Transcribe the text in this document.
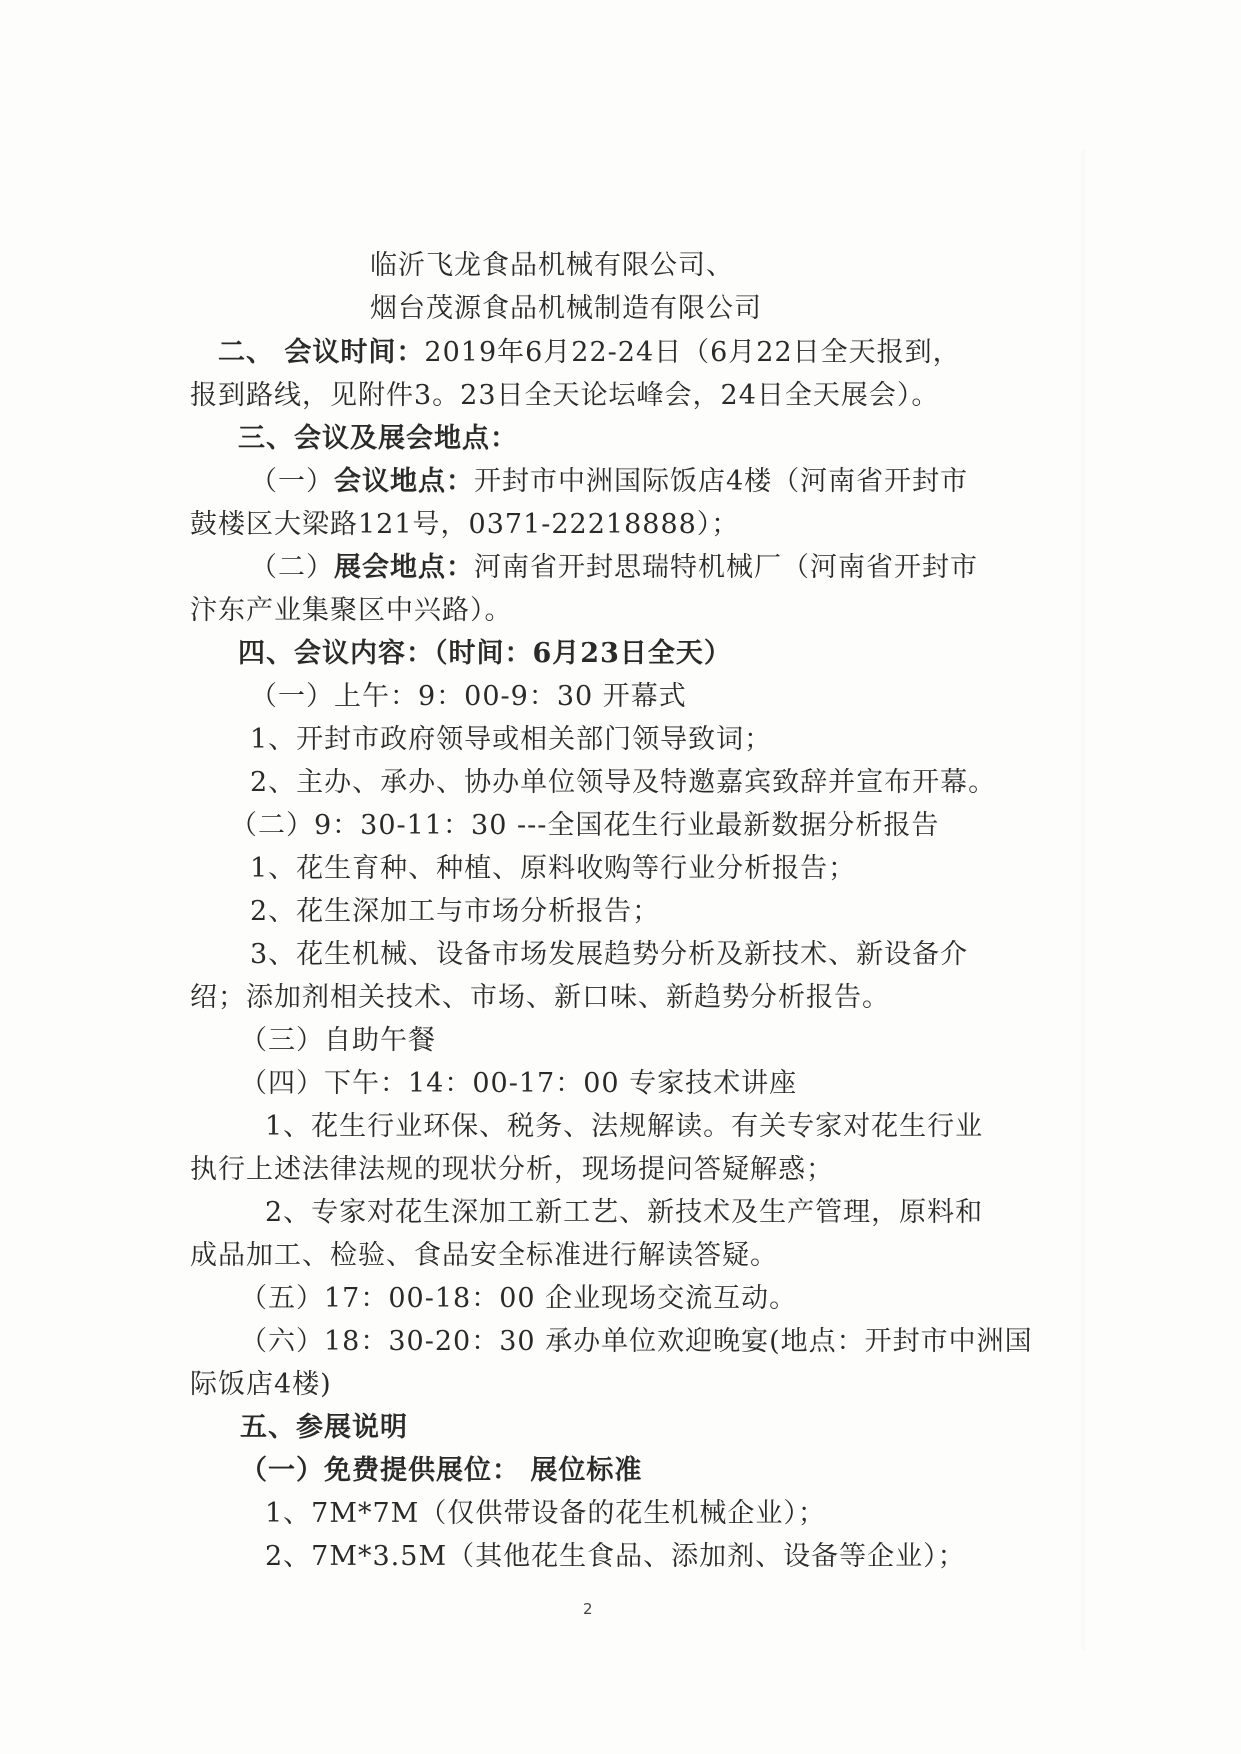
临沂飞龙食品机械有限公司、
烟台茂源食品机械制造有限公司
二、 会议时间：2019年6月22-24日（6月22日全天报到，
报到路线，见附件3。23日全天论坛峰会，24日全天展会）。
三、会议及展会地点：
（一）会议地点：开封市中洲国际饭店4楼（河南省开封市
鼓楼区大梁路121号，0371-22218888）；
（二）展会地点：河南省开封思瑞特机械厂（河南省开封市
汴东产业集聚区中兴路）。
四、会议内容：（时间：6月23日全天）
（一）上午：9：00-9：30 开幕式
1、开封市政府领导或相关部门领导致词；
2、主办、承办、协办单位领导及特邀嘉宾致辞并宣布开幕。
（二）9：30-11：30 ---全国花生行业最新数据分析报告
1、花生育种、种植、原料收购等行业分析报告；
2、花生深加工与市场分析报告；
3、花生机械、设备市场发展趋势分析及新技术、新设备介
绍；添加剂相关技术、市场、新口味、新趋势分析报告。
（三）自助午餐
（四）下午：14：00-17：00 专家技术讲座
1、花生行业环保、税务、法规解读。有关专家对花生行业
执行上述法律法规的现状分析，现场提问答疑解惑；
2、专家对花生深加工新工艺、新技术及生产管理，原料和
成品加工、检验、食品安全标准进行解读答疑。
（五）17：00-18：00 企业现场交流互动。
（六）18：30-20：30 承办单位欢迎晚宴(地点：开封市中洲国
际饭店4楼)
五、参展说明
（一）免费提供展位： 展位标准
1、7M*7M（仅供带设备的花生机械企业）；
2、7M*3.5M（其他花生食品、添加剂、设备等企业）；
2
